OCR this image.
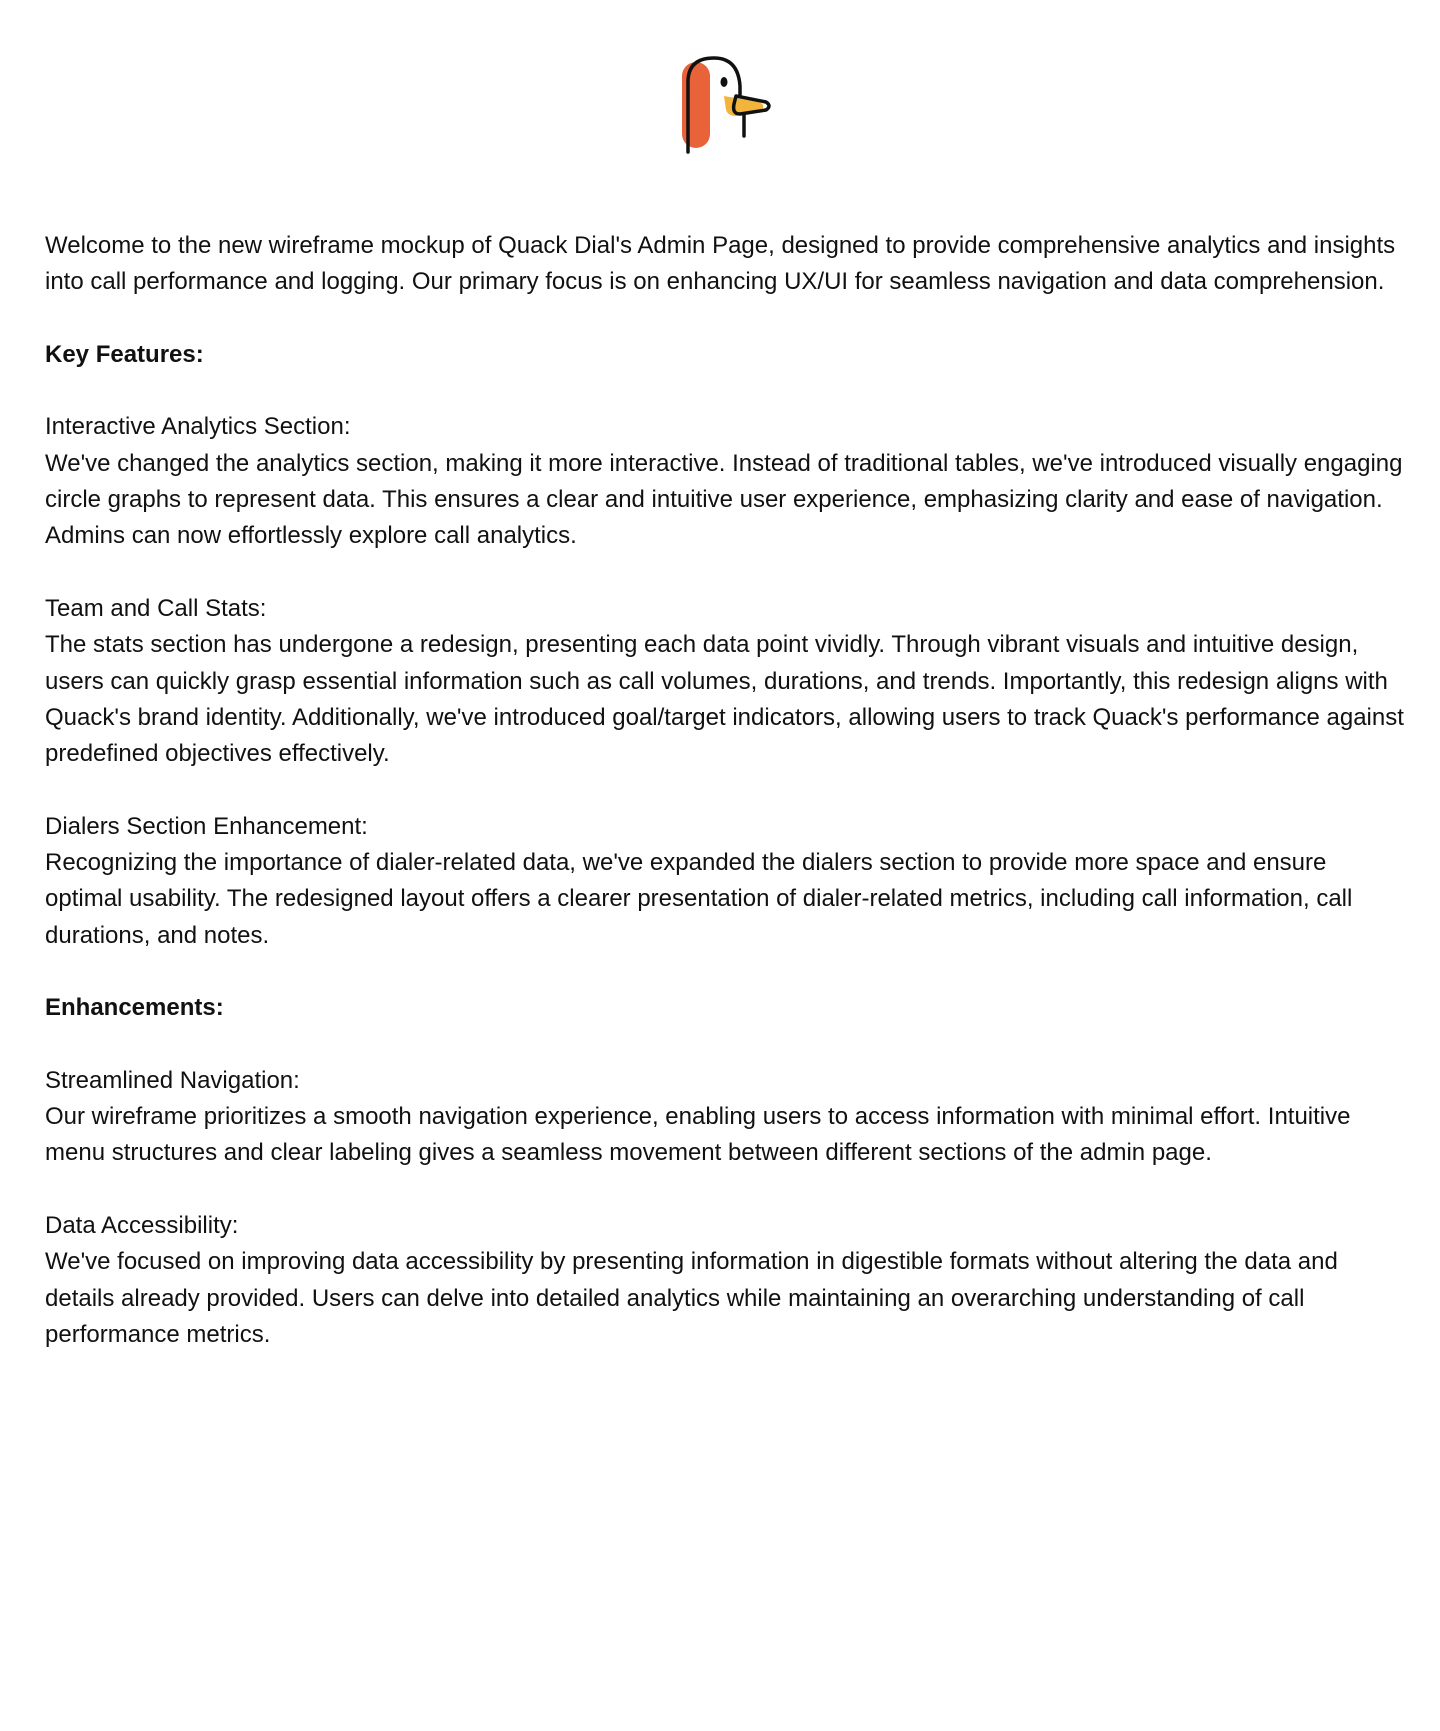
Welcome to the new wireframe mockup of Quack Dial's Admin Page, designed to provide comprehensive analytics and insights into call performance and logging. Our primary focus is on enhancing UX/UI for seamless navigation and data comprehension.

Key Features:

Interactive Analytics Section:
We've changed the analytics section, making it more interactive. Instead of traditional tables, we've introduced visually engaging circle graphs to represent data. This ensures a clear and intuitive user experience, emphasizing clarity and ease of navigation. Admins can now effortlessly explore call analytics.
Team and Call Stats:
The stats section has undergone a redesign, presenting each data point vividly. Through vibrant visuals and intuitive design, users can quickly grasp essential information such as call volumes, durations, and trends. Importantly, this redesign aligns with Quack's brand identity. Additionally, we've introduced goal/target indicators, allowing users to track Quack's performance against predefined objectives effectively.
Dialers Section Enhancement:
Recognizing the importance of dialer-related data, we've expanded the dialers section to provide more space and ensure optimal usability. The redesigned layout offers a clearer presentation of dialer-related metrics, including call information, call durations, and notes.

Enhancements:

Streamlined Navigation:
Our wireframe prioritizes a smooth navigation experience, enabling users to access information with minimal effort. Intuitive menu structures and clear labeling gives a seamless movement between different sections of the admin page.
Data Accessibility:
We've focused on improving data accessibility by presenting information in digestible formats without altering the data and details already provided. Users can delve into detailed analytics while maintaining an overarching understanding of call performance metrics.
